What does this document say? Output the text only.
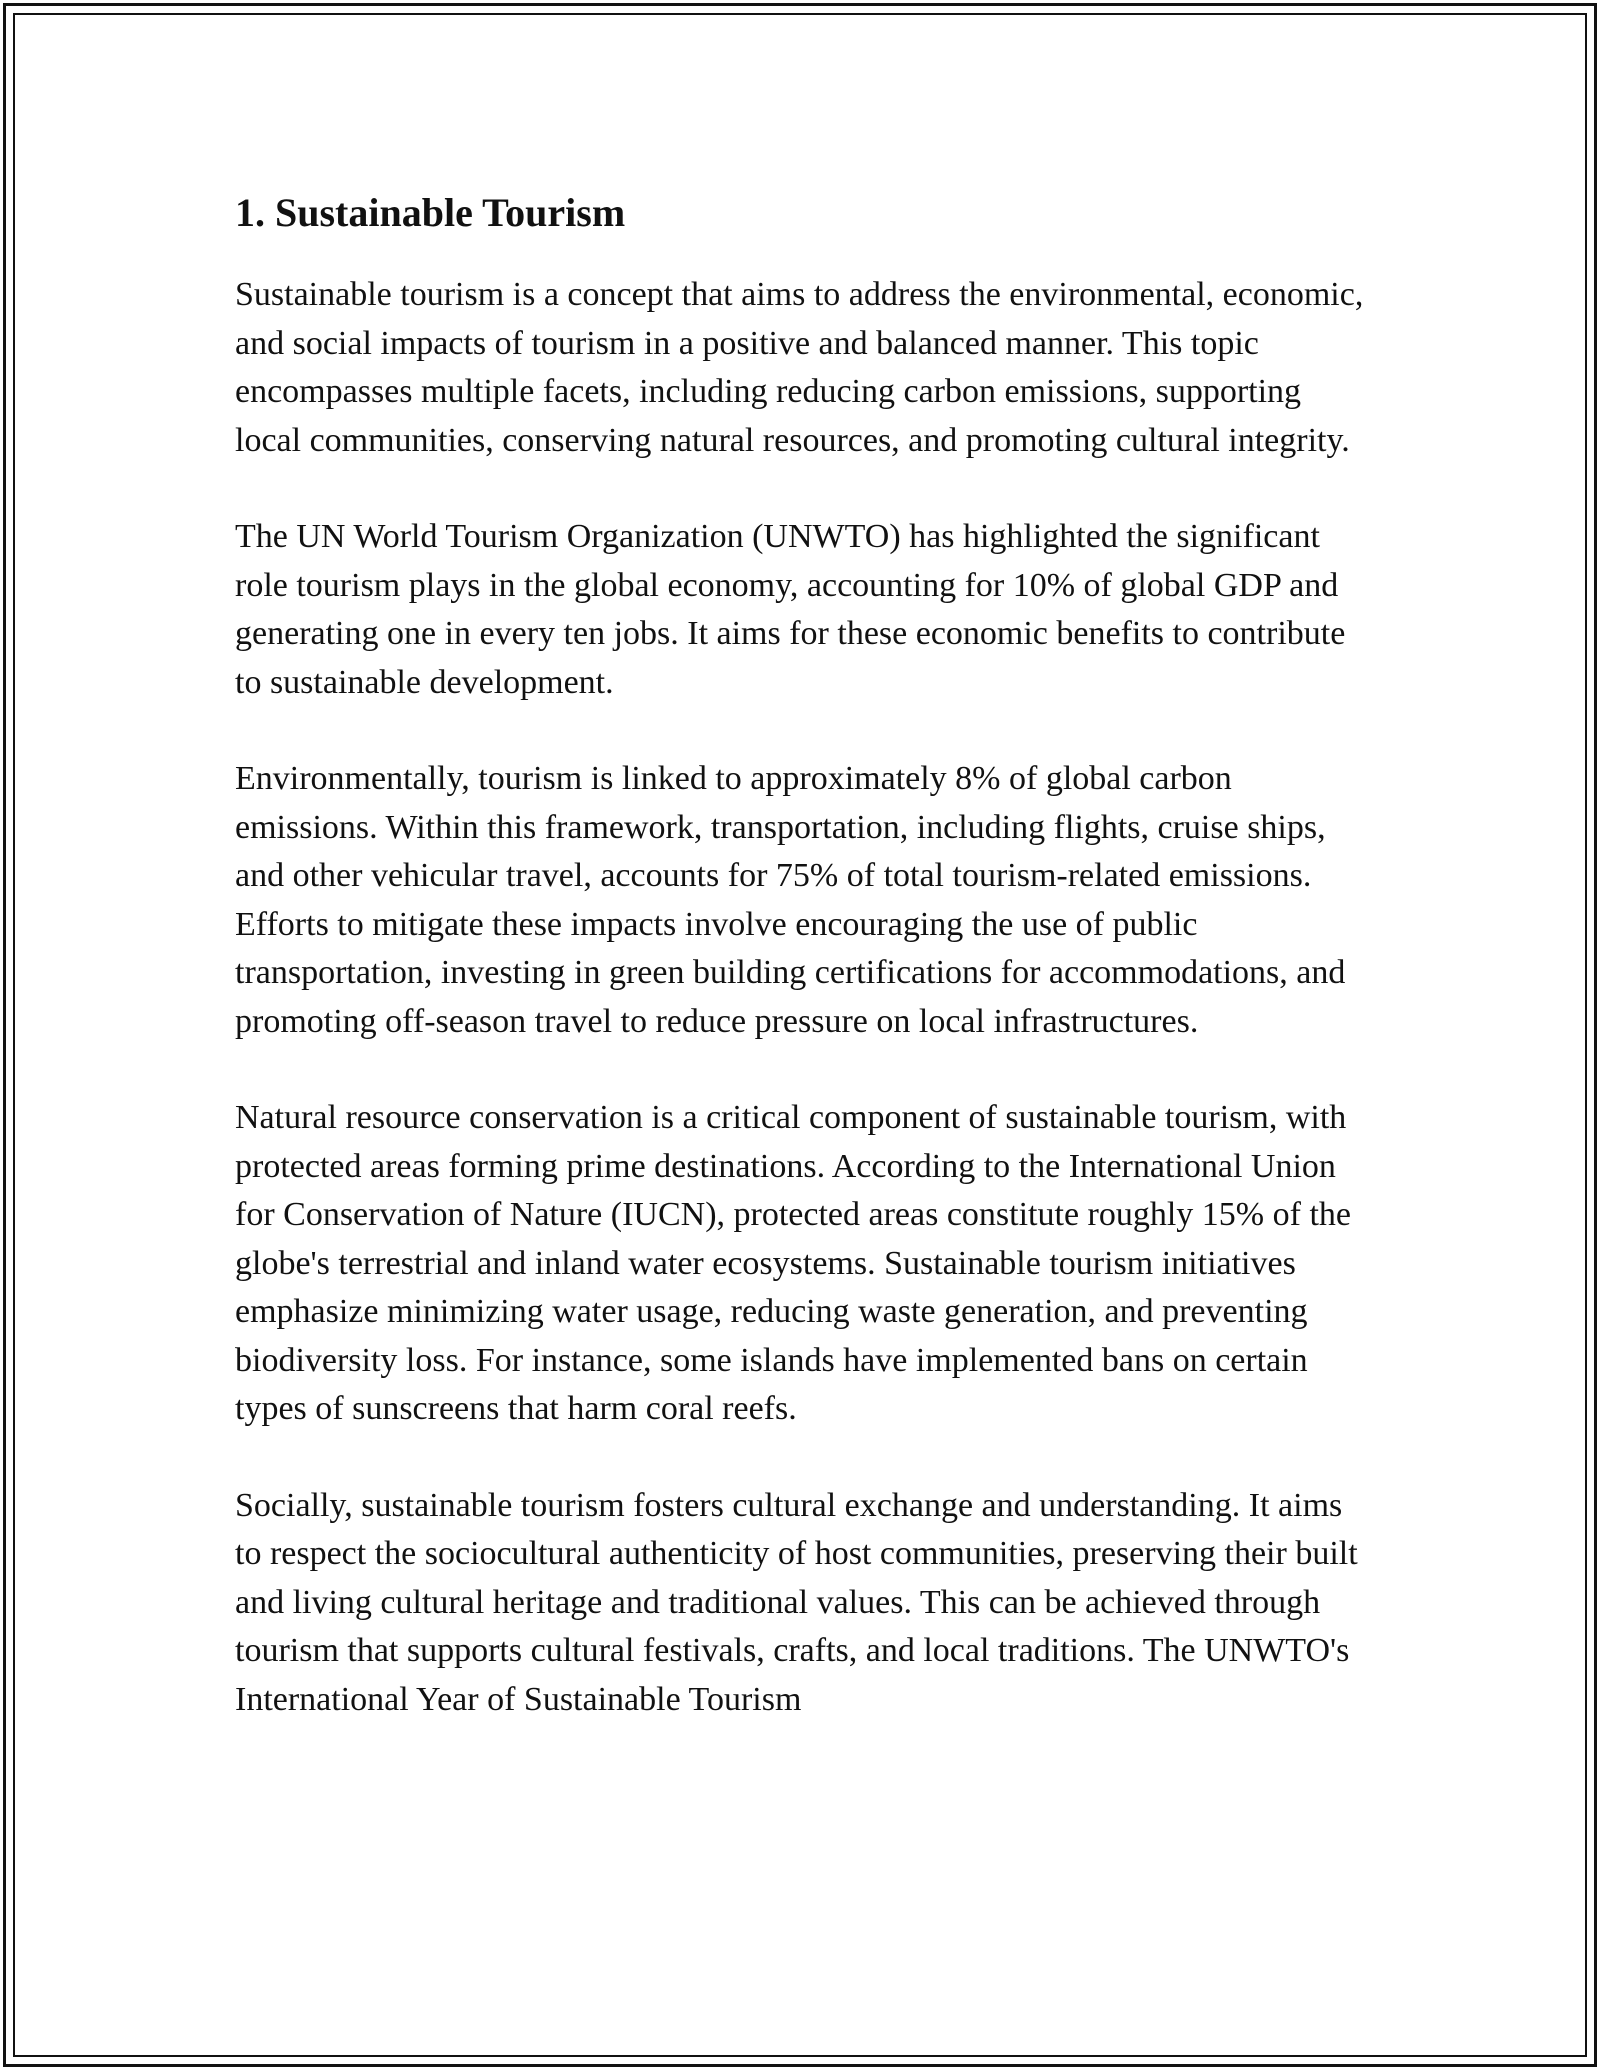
1. Sustainable Tourism

Sustainable tourism is a concept that aims to address the environmental, economic, and social impacts of tourism in a positive and balanced manner. This topic encompasses multiple facets, including reducing carbon emissions, supporting local communities, conserving natural resources, and promoting cultural integrity.

The UN World Tourism Organization (UNWTO) has highlighted the significant role tourism plays in the global economy, accounting for 10% of global GDP and generating one in every ten jobs. It aims for these economic benefits to contribute to sustainable development.

Environmentally, tourism is linked to approximately 8% of global carbon emissions. Within this framework, transportation, including flights, cruise ships, and other vehicular travel, accounts for 75% of total tourism-related emissions. Efforts to mitigate these impacts involve encouraging the use of public transportation, investing in green building certifications for accommodations, and promoting off-season travel to reduce pressure on local infrastructures.

Natural resource conservation is a critical component of sustainable tourism, with protected areas forming prime destinations. According to the International Union for Conservation of Nature (IUCN), protected areas constitute roughly 15% of the globe's terrestrial and inland water ecosystems. Sustainable tourism initiatives emphasize minimizing water usage, reducing waste generation, and preventing biodiversity loss. For instance, some islands have implemented bans on certain types of sunscreens that harm coral reefs.

Socially, sustainable tourism fosters cultural exchange and understanding. It aims to respect the sociocultural authenticity of host communities, preserving their built and living cultural heritage and traditional values. This can be achieved through tourism that supports cultural festivals, crafts, and local traditions. The UNWTO's International Year of Sustainable Tourism
